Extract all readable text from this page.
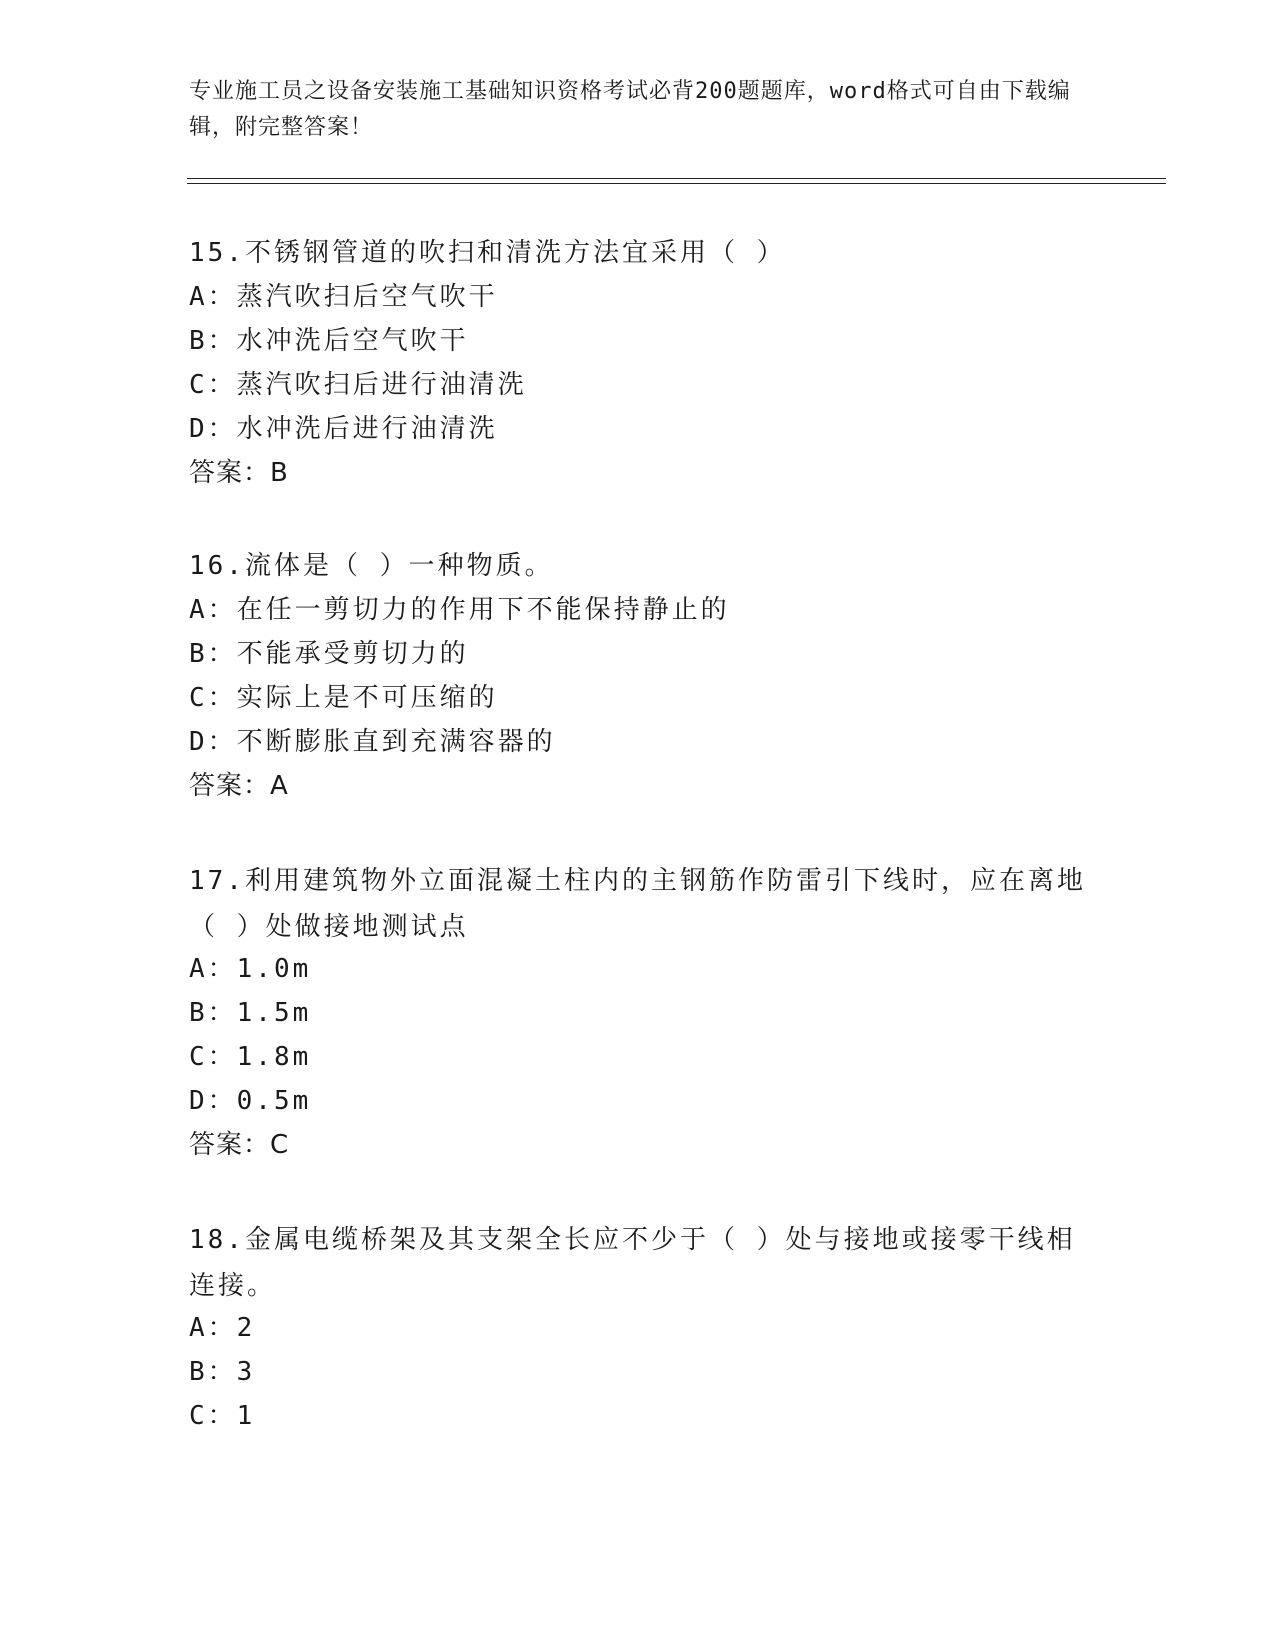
专业施工员之设备安装施工基础知识资格考试必背200题题库，word格式可自由下载编辑，附完整答案！
15.不锈钢管道的吹扫和清洗方法宜采用（ ）
A：蒸汽吹扫后空气吹干
B：水冲洗后空气吹干
C：蒸汽吹扫后进行油清洗
D：水冲洗后进行油清洗
答案：B
16.流体是（ ）一种物质。
A：在任一剪切力的作用下不能保持静止的
B：不能承受剪切力的
C：实际上是不可压缩的
D：不断膨胀直到充满容器的
答案：A
17.利用建筑物外立面混凝土柱内的主钢筋作防雷引下线时，应在离地（ ）处做接地测试点
A：1.0m
B：1.5m
C：1.8m
D：0.5m
答案：C
18.金属电缆桥架及其支架全长应不少于（ ）处与接地或接零干线相连接。
A：2
B：3
C：1
